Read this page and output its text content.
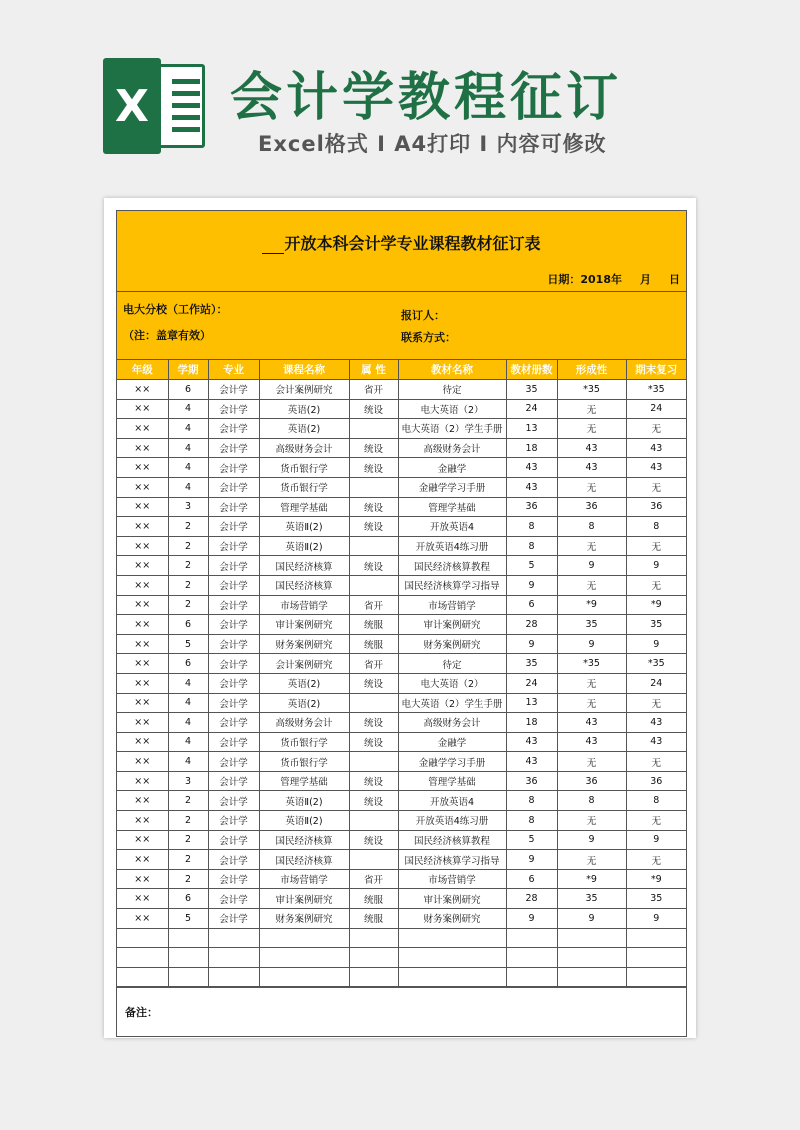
X 会计学教程征订
Excel格式 I A4打印 I 内容可修改
开放本科会计学专业课程教材征订表
日期：2018年 月 日
电大分校（工作站）：
（注：盖章有效）
报订人：
联系方式：
年级	学期	专业	课程名称	属 性	教材名称	教材册数	形成性	期末复习
××	6	会计学	会计案例研究	省开	待定	35	*35	*35
××	4	会计学	英语(2)	统设	电大英语（2）	24	无	24
××	4	会计学	英语(2)		电大英语（2）学生手册	13	无	无
××	4	会计学	高级财务会计	统设	高级财务会计	18	43	43
××	4	会计学	货币银行学	统设	金融学	43	43	43
××	4	会计学	货币银行学		金融学学习手册	43	无	无
××	3	会计学	管理学基础	统设	管理学基础	36	36	36
××	2	会计学	英语Ⅱ(2)	统设	开放英语4	8	8	8
××	2	会计学	英语Ⅱ(2)		开放英语4练习册	8	无	无
××	2	会计学	国民经济核算	统设	国民经济核算教程	5	9	9
××	2	会计学	国民经济核算		国民经济核算学习指导	9	无	无
××	2	会计学	市场营销学	省开	市场营销学	6	*9	*9
××	6	会计学	审计案例研究	统服	审计案例研究	28	35	35
××	5	会计学	财务案例研究	统服	财务案例研究	9	9	9
××	6	会计学	会计案例研究	省开	待定	35	*35	*35
××	4	会计学	英语(2)	统设	电大英语（2）	24	无	24
××	4	会计学	英语(2)		电大英语（2）学生手册	13	无	无
××	4	会计学	高级财务会计	统设	高级财务会计	18	43	43
××	4	会计学	货币银行学	统设	金融学	43	43	43
××	4	会计学	货币银行学		金融学学习手册	43	无	无
××	3	会计学	管理学基础	统设	管理学基础	36	36	36
××	2	会计学	英语Ⅱ(2)	统设	开放英语4	8	8	8
××	2	会计学	英语Ⅱ(2)		开放英语4练习册	8	无	无
××	2	会计学	国民经济核算	统设	国民经济核算教程	5	9	9
××	2	会计学	国民经济核算		国民经济核算学习指导	9	无	无
××	2	会计学	市场营销学	省开	市场营销学	6	*9	*9
××	6	会计学	审计案例研究	统服	审计案例研究	28	35	35
××	5	会计学	财务案例研究	统服	财务案例研究	9	9	9

备注：
